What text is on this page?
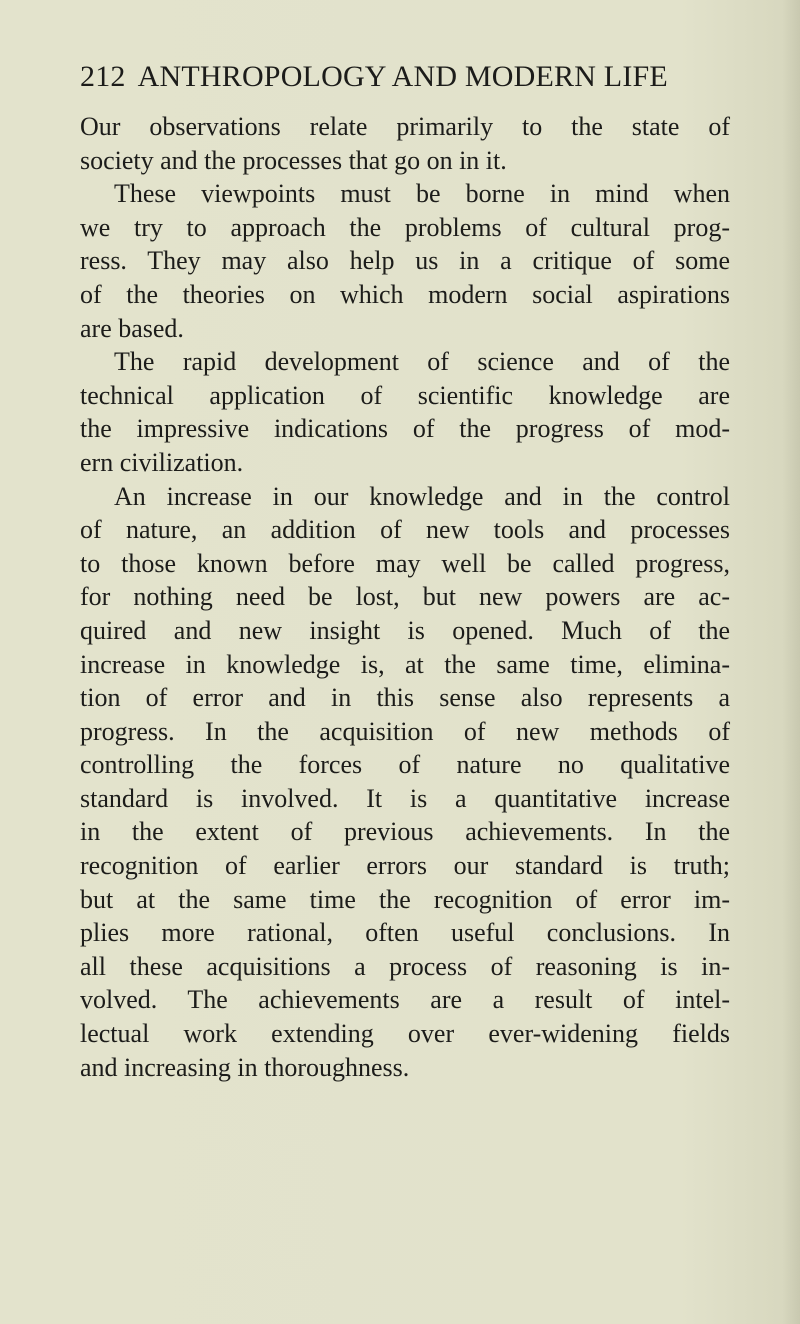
212 ANTHROPOLOGY AND MODERN LIFE
Our observations relate primarily to the state of
society and the processes that go on in it.
These viewpoints must be borne in mind when
we try to approach the problems of cultural prog-
ress. They may also help us in a critique of some
of the theories on which modern social aspirations
are based.
The rapid development of science and of the
technical application of scientific knowledge are
the impressive indications of the progress of mod-
ern civilization.
An increase in our knowledge and in the control
of nature, an addition of new tools and processes
to those known before may well be called progress,
for nothing need be lost, but new powers are ac-
quired and new insight is opened. Much of the
increase in knowledge is, at the same time, elimina-
tion of error and in this sense also represents a
progress. In the acquisition of new methods of
controlling the forces of nature no qualitative
standard is involved. It is a quantitative increase
in the extent of previous achievements. In the
recognition of earlier errors our standard is truth;
but at the same time the recognition of error im-
plies more rational, often useful conclusions. In
all these acquisitions a process of reasoning is in-
volved. The achievements are a result of intel-
lectual work extending over ever-widening fields
and increasing in thoroughness.
